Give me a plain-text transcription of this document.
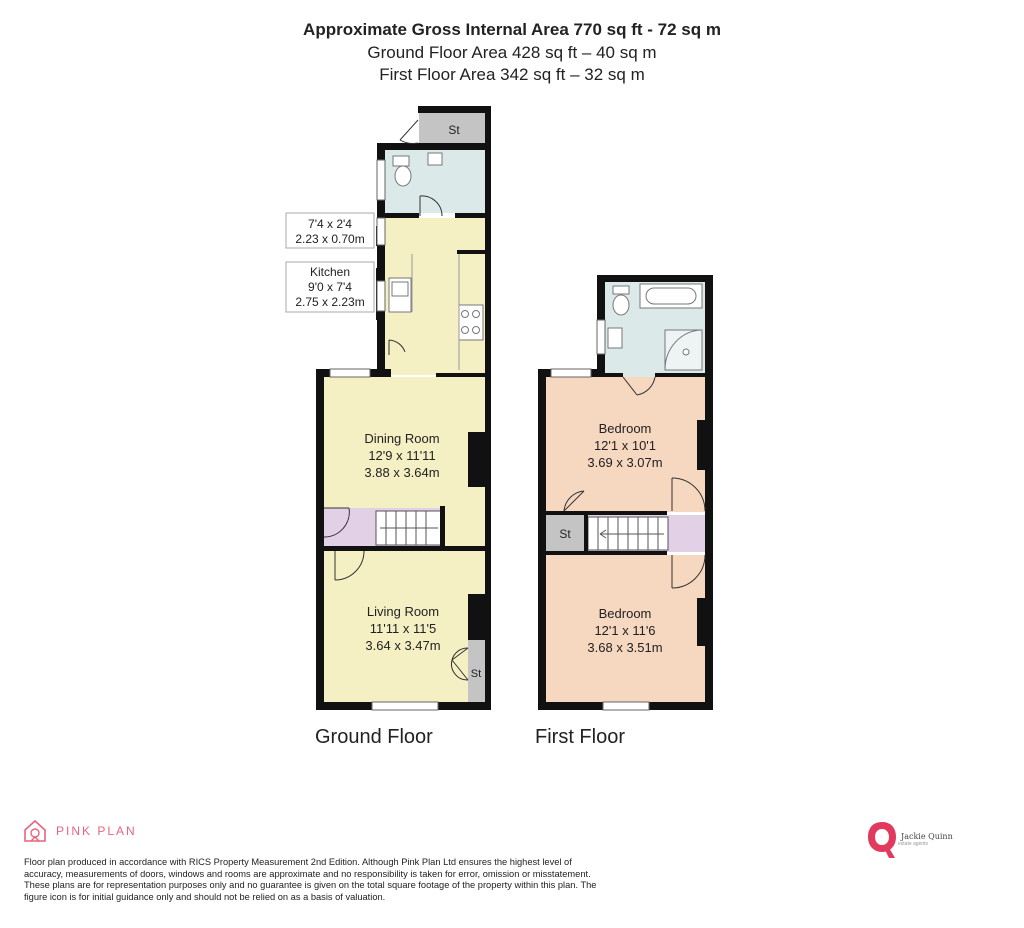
Approximate Gross Internal Area 770 sq ft - 72 sq m
Ground Floor Area 428 sq ft – 40 sq m
First Floor Area 342 sq ft – 32 sq m
St
Dining Room
12'9 x 11'11
3.88 x 3.64m
Living Room
11'11 x 11'5
3.64 x 3.47m
St
7'4 x 2'4
2.23 x 0.70m
Kitchen
9'0 x 7'4
2.75 x 2.23m
Bedroom
12'1 x 10'1
3.69 x 3.07m
St
Bedroom
12'1 x 11'6
3.68 x 3.51m
Ground Floor	First Floor
PINK PLAN
Floor plan produced in accordance with RICS Property Measurement 2nd Edition. Although Pink Plan Ltd ensures the highest level of accuracy, measurements of doors, windows and rooms are approximate and no responsibility is taken for error, omission or misstatement. These plans are for representation purposes only and no guarantee is given on the total square footage of the property within this plan. The figure icon is for initial guidance only and should not be relied on as a basis of valuation.
Jackie Quinn
estate agents
